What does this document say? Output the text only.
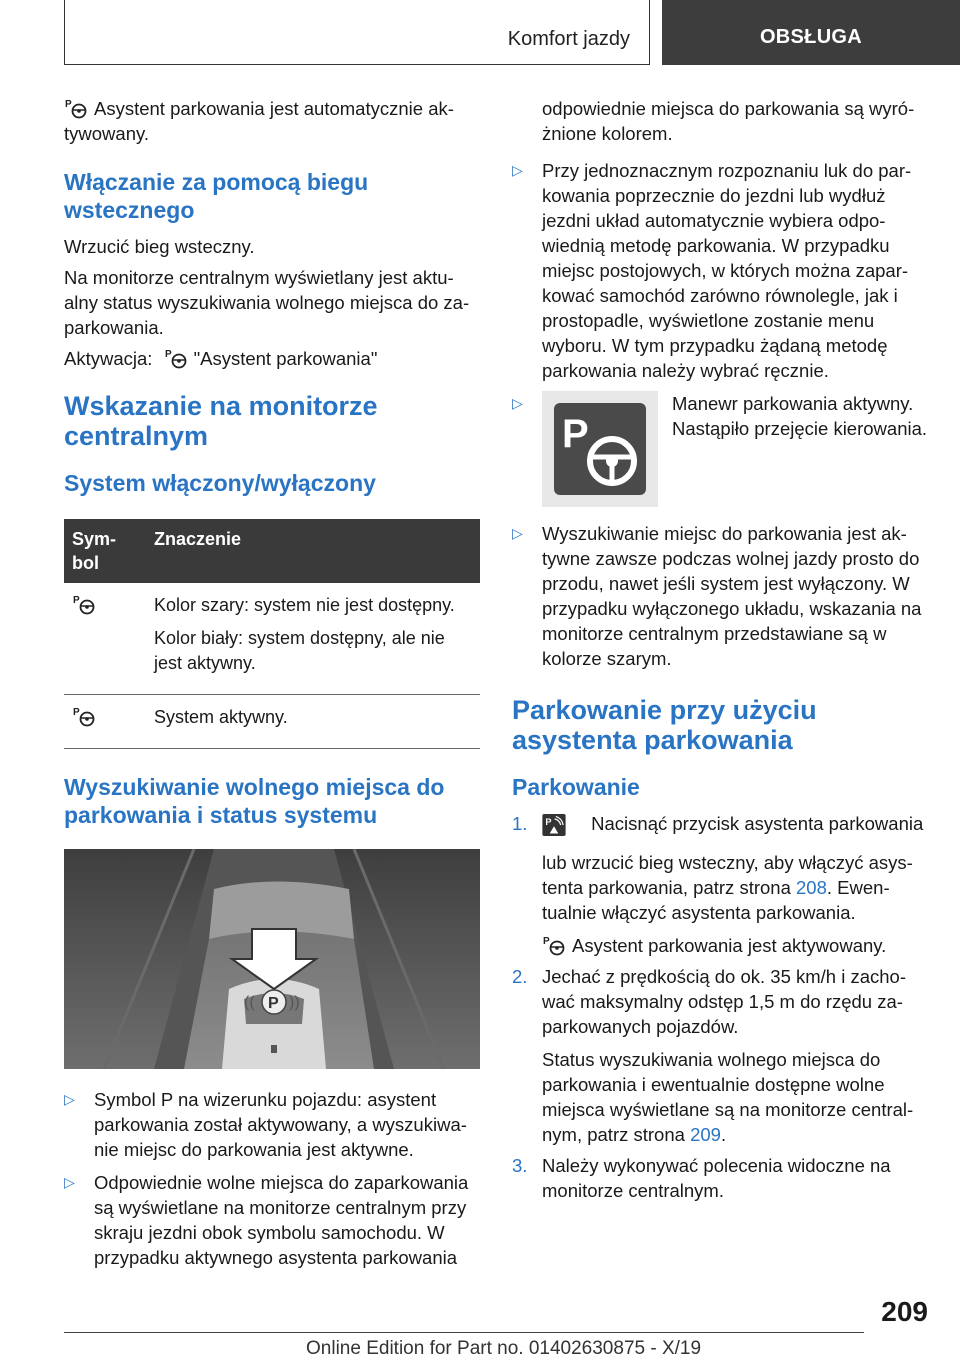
Komfort jazdy	OBSŁUGA

P Asystent parkowania jest automatycznie ak-tywowany.

Włączanie za pomocą biegu wstecznego

Wrzucić bieg wsteczny.

Na monitorze centralnym wyświetlany jest aktu-alny status wyszukiwania wolnego miejsca do za-parkowania.

Aktywacja: P "Asystent parkowania"

Wskazanie na monitorze centralnym
System włączony/wyłączony
Sym-bol	Znaczenie

P	Kolor szary: system nie jest dostępny.

Kolor biały: system dostępny, ale nie jest aktywny.

P	System aktywny.

Wyszukiwanie wolnego miejsca do parkowania i status systemu
P
(( ))
▷	Symbol P na wizerunku pojazdu: asystent parkowania został aktywowany, a wyszukiwa-nie miejsc do parkowania jest aktywne.
▷	Odpowiednie wolne miejsca do zaparkowania są wyświetlane na monitorze centralnym przy skraju jezdni obok symbolu samochodu. W przypadku aktywnego asystenta parkowania

odpowiednie miejsca do parkowania są wyró-żnione kolorem.

▷	Przy jednoznacznym rozpoznaniu luk do par-kowania poprzecznie do jezdni lub wydłuż jezdni układ automatycznie wybiera odpo-wiednią metodę parkowania. W przypadku miejsc postojowych, w których można zapar-kować samochód zarówno równolegle, jak i prostopadle, wyświetlone zostanie menu wyboru. W tym przypadku żądaną metodę parkowania należy wybrać ręcznie.
▷
P
Manewr parkowania aktywny. Nastąpiło przejęcie kierowania.
▷	Wyszukiwanie miejsc do parkowania jest ak-tywne zawsze podczas wolnej jazdy prosto do przodu, nawet jeśli system jest wyłączony. W przypadku wyłączonego układu, wskazania na monitorze centralnym przedstawiane są w kolorze szarym.
Parkowanie przy użyciu asystenta parkowania
Parkowanie
1.	P Nacisnąć przycisk asystenta parkowania lub wrzucić bieg wsteczny, aby włączyć asys-tenta parkowania, patrz strona 208. Ewen-tualnie włączyć asystenta parkowania.

P Asystent parkowania jest aktywowany.

2. Jechać z prędkością do ok. 35 km/h i zacho-wać maksymalny odstęp 1,5 m do rzędu za-parkowanych pojazdów.

Status wyszukiwania wolnego miejsca do parkowania i ewentualnie dostępne wolne miejsca wyświetlane są na monitorze central-nym, patrz strona 209.

3. Należy wykonywać polecenia widoczne na monitorze centralnym.
209
Online Edition for Part no. 01402630875 - X/19
